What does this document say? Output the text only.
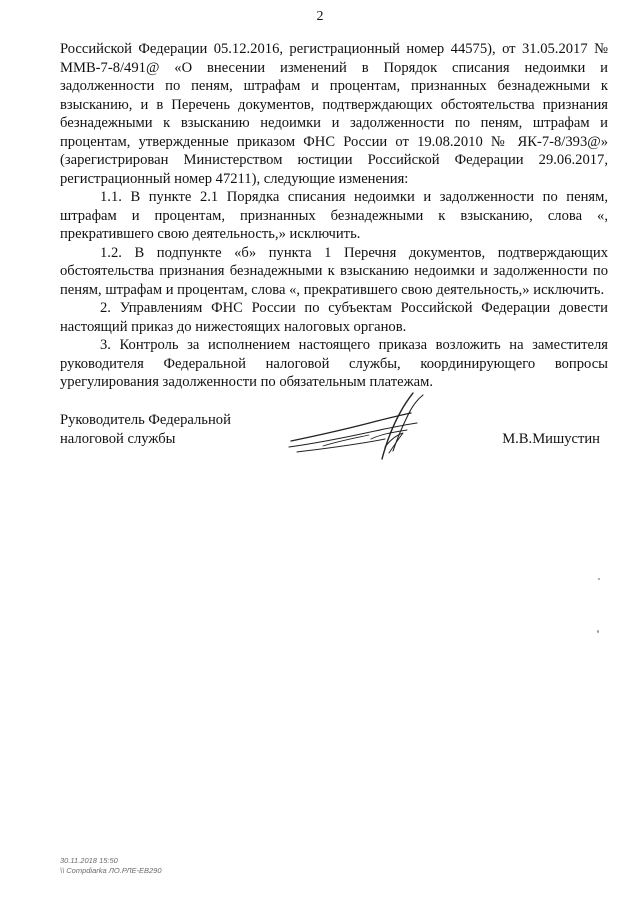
2

Российской Федерации 05.12.2016, регистрационный номер 44575), от 31.05.2017 № ММВ-7-8/491@ «О внесении изменений в Порядок списания недоимки и задолженности по пеням, штрафам и процентам, признанных безнадежными к взысканию, и в Перечень документов, подтверждающих обстоятельства признания безнадежными к взысканию недоимки и задолженности по пеням, штрафам и процентам, утвержденные приказом ФНС России от 19.08.2010 № ЯК-7-8/393@» (зарегистрирован Министерством юстиции Российской Федерации 29.06.2017, регистрационный номер 47211), следующие изменения:

1.1. В пункте 2.1 Порядка списания недоимки и задолженности по пеням, штрафам и процентам, признанных безнадежными к взысканию, слова «, прекратившего свою деятельность,» исключить.

1.2. В подпункте «б» пункта 1 Перечня документов, подтверждающих обстоятельства признания безнадежными к взысканию недоимки и задолженности по пеням, штрафам и процентам, слова «, прекратившего свою деятельность,» исключить.

2. Управлениям ФНС России по субъектам Российской Федерации довести настоящий приказ до нижестоящих налоговых органов.

3. Контроль за исполнением настоящего приказа возложить на заместителя руководителя Федеральной налоговой службы, координирующего вопросы урегулирования задолженности по обязательным платежам.

Руководитель Федеральной
налоговой службы	М.В.Мишустин
30.11.2018 15:50
\\ Compdiarka ЛО.РЛЕ-ЕВ290
